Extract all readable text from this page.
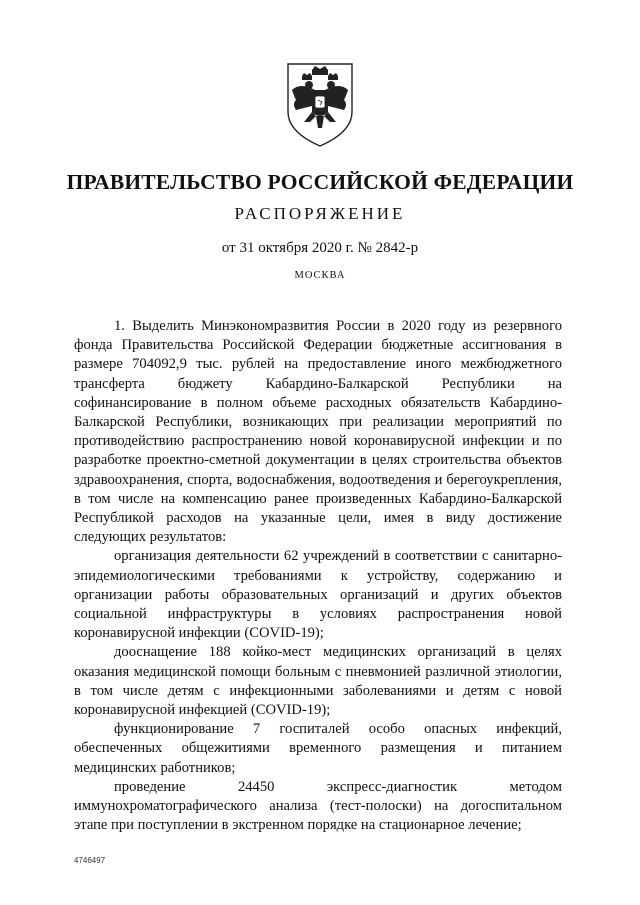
ПРАВИТЕЛЬСТВО РОССИЙСКОЙ ФЕДЕРАЦИИ
РАСПОРЯЖЕНИЕ
от 31 октября 2020 г. № 2842-р
МОСКВА

1. Выделить Минэкономразвития России в 2020 году из резервного фонда Правительства Российской Федерации бюджетные ассигнования в размере 704092,9 тыс. рублей на предоставление иного межбюджетного трансферта бюджету Кабардино-Балкарской Республики на софинансирование в полном объеме расходных обязательств Кабардино-Балкарской Республики, возникающих при реализации мероприятий по противодействию распространению новой коронавирусной инфекции и по разработке проектно-сметной документации в целях строительства объектов здравоохранения, спорта, водоснабжения, водоотведения и берегоукрепления, в том числе на компенсацию ранее произведенных Кабардино-Балкарской Республикой расходов на указанные цели, имея в виду достижение следующих результатов:

организация деятельности 62 учреждений в соответствии с санитарно-эпидемиологическими требованиями к устройству, содержанию и организации работы образовательных организаций и других объектов социальной инфраструктуры в условиях распространения новой коронавирусной инфекции (COVID-19);

дооснащение 188 койко-мест медицинских организаций в целях оказания медицинской помощи больным с пневмонией различной этиологии, в том числе детям с инфекционными заболеваниями и детям с новой коронавирусной инфекцией (COVID-19);

функционирование 7 госпиталей особо опасных инфекций, обеспеченных общежитиями временного размещения и питанием медицинских работников;

проведение 24450 экспресс-диагностик методом иммунохроматографического анализа (тест-полоски) на догоспитальном этапе при поступлении в экстренном порядке на стационарное лечение;

4746497
